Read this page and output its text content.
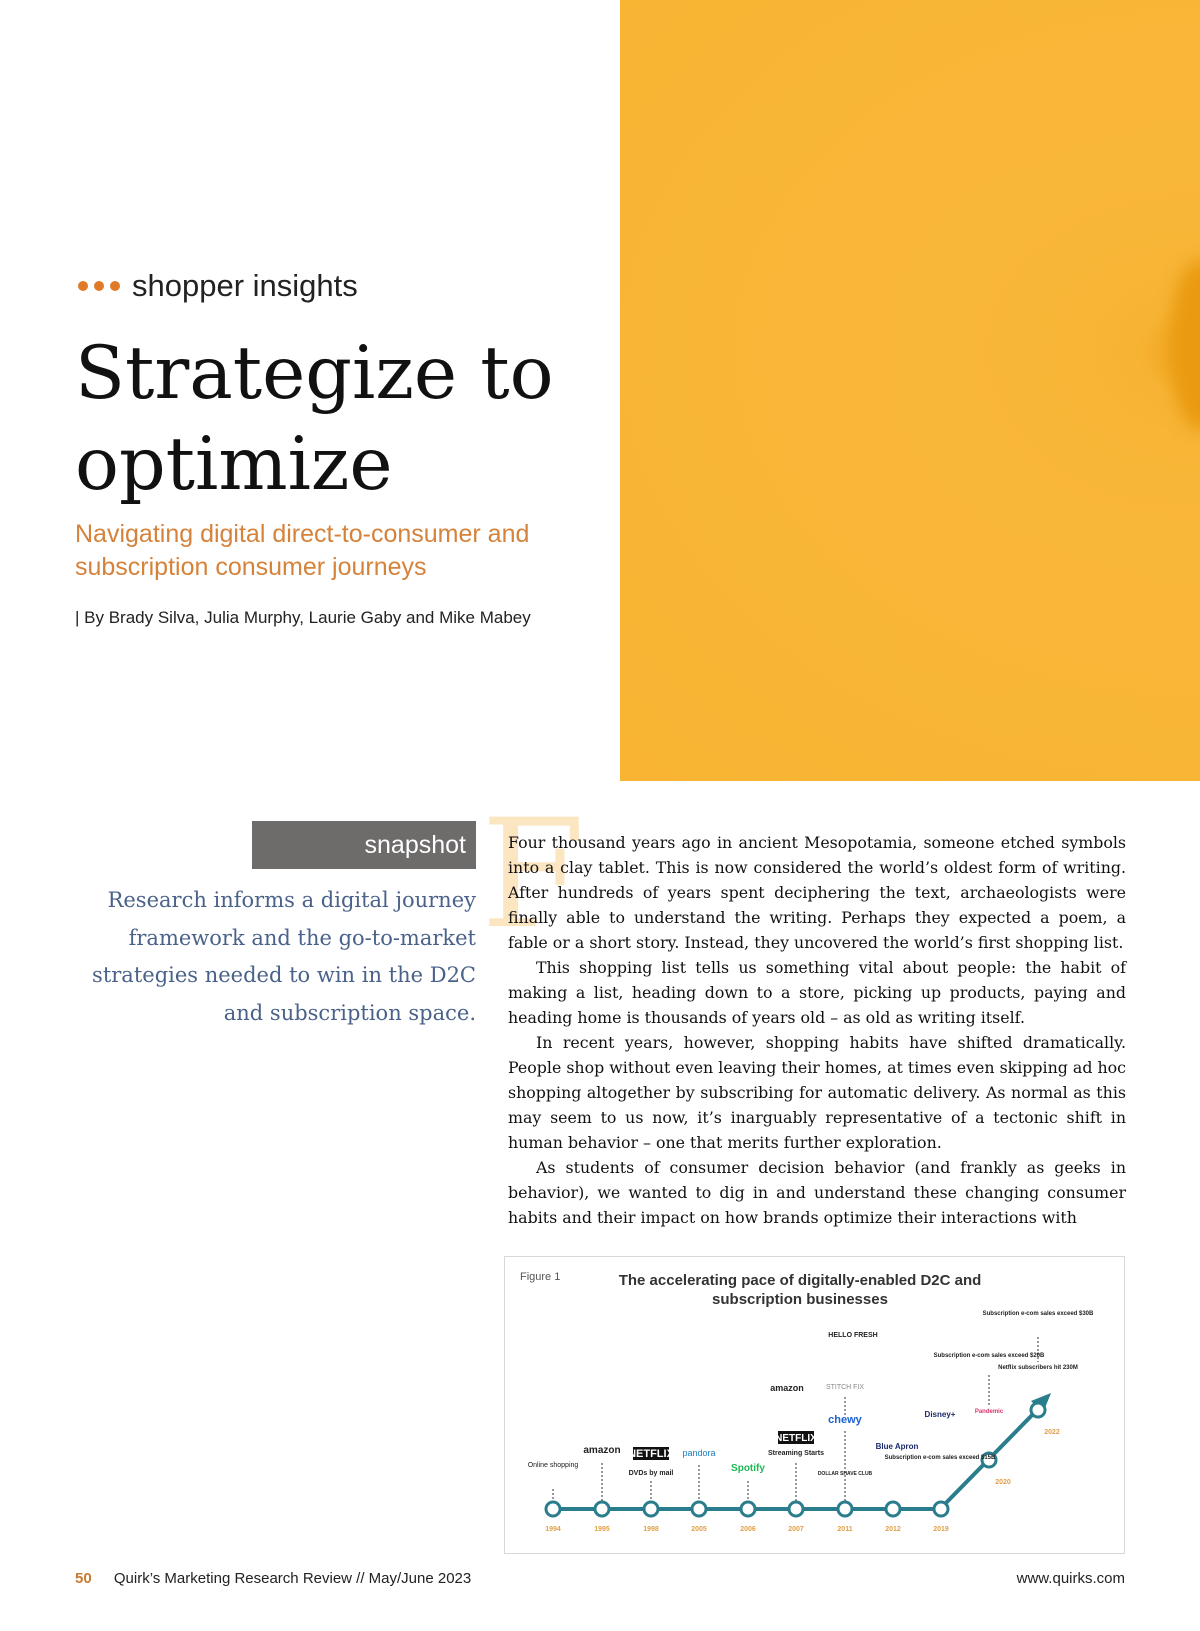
shopper insights
Strategize to
optimize
Navigating digital direct-to-consumer and subscription consumer journeys
| By Brady Silva, Julia Murphy, Laurie Gaby and Mike Mabey
snapshot
Research informs a digital journey framework and the go-to-market strategies needed to win in the D2C and subscription space.
F

Four thousand years ago in ancient Mesopotamia, someone etched symbols into a clay tablet. This is now considered the world’s oldest form of writing. After hundreds of years spent deciphering the text, archaeologists were finally able to understand the writing. Perhaps they expected a poem, a fable or a short story. Instead, they uncovered the world’s first shopping list.

This shopping list tells us something vital about people: the habit of making a list, heading down to a store, picking up products, paying and heading home is thousands of years old – as old as writing itself.

In recent years, however, shopping habits have shifted dramatically. People shop without even leaving their homes, at times even skipping ad hoc shopping altogether by subscribing for automatic delivery. As normal as this may seem to us now, it’s inarguably representative of a tectonic shift in human behavior – one that merits further exploration.

As students of consumer decision behavior (and frankly as geeks in behavior), we wanted to dig in and understand these changing consumer habits and their impact on how brands optimize their interactions with

Figure 1	The accelerating pace of digitally-enabled D2C and subscription businesses
1994	1995	1998	2005	2006	2007	2011	2012	2019
2020
2022
Online shopping
amazon NETFLIX
DVDs by mail
pandora
Spotify
NETFLIX
Streaming Starts
amazon
chewy
STITCH FIX
HELLO FRESH
DOLLAR SHAVE CLUB
Blue Apron
Disney+
Subscription e-com sales exceed $15B
Subscription e-com sales exceed $20B
Pandemic
Netflix subscribers hit 230M
Subscription e-com sales exceed $30B
50 Quirk’s Marketing Research Review // May/June 2023	www.quirks.com
